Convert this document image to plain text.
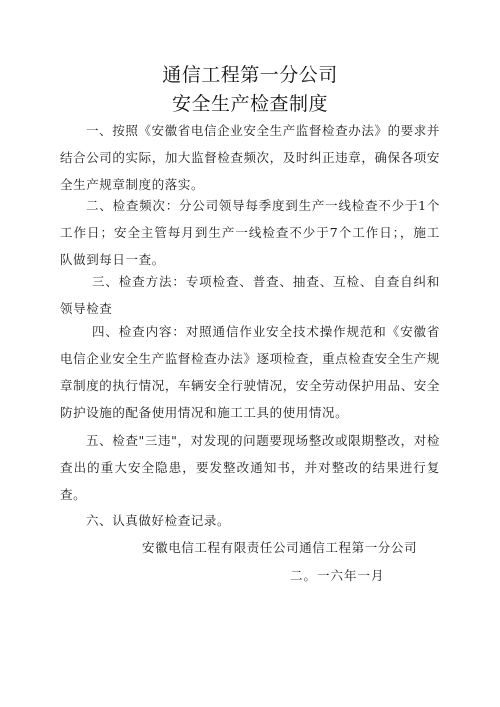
通信工程第一分公司
安全生产检查制度
一、按照《安徽省电信企业安全生产监督检查办法》的要求并结合公司的实际，加大监督检查频次，及时纠正违章，确保各项安全生产规章制度的落实。
二、检查频次：分公司领导每季度到生产一线检查不少于1个工作日；安全主管每月到生产一线检查不少于7个工作日；，施工队做到每日一查。
三、检查方法：专项检查、普查、抽查、互检、自查自纠和领导检查
四、检查内容：对照通信作业安全技术操作规范和《安徽省电信企业安全生产监督检查办法》逐项检查，重点检查安全生产规章制度的执行情况，车辆安全行驶情况，安全劳动保护用品、安全防护设施的配备使用情况和施工工具的使用情况。
五、检查"三违"，对发现的问题要现场整改或限期整改，对检查出的重大安全隐患，要发整改通知书，并对整改的结果进行复查。
六、认真做好检查记录。
安徽电信工程有限责任公司通信工程第一分公司
二。一六年一月
